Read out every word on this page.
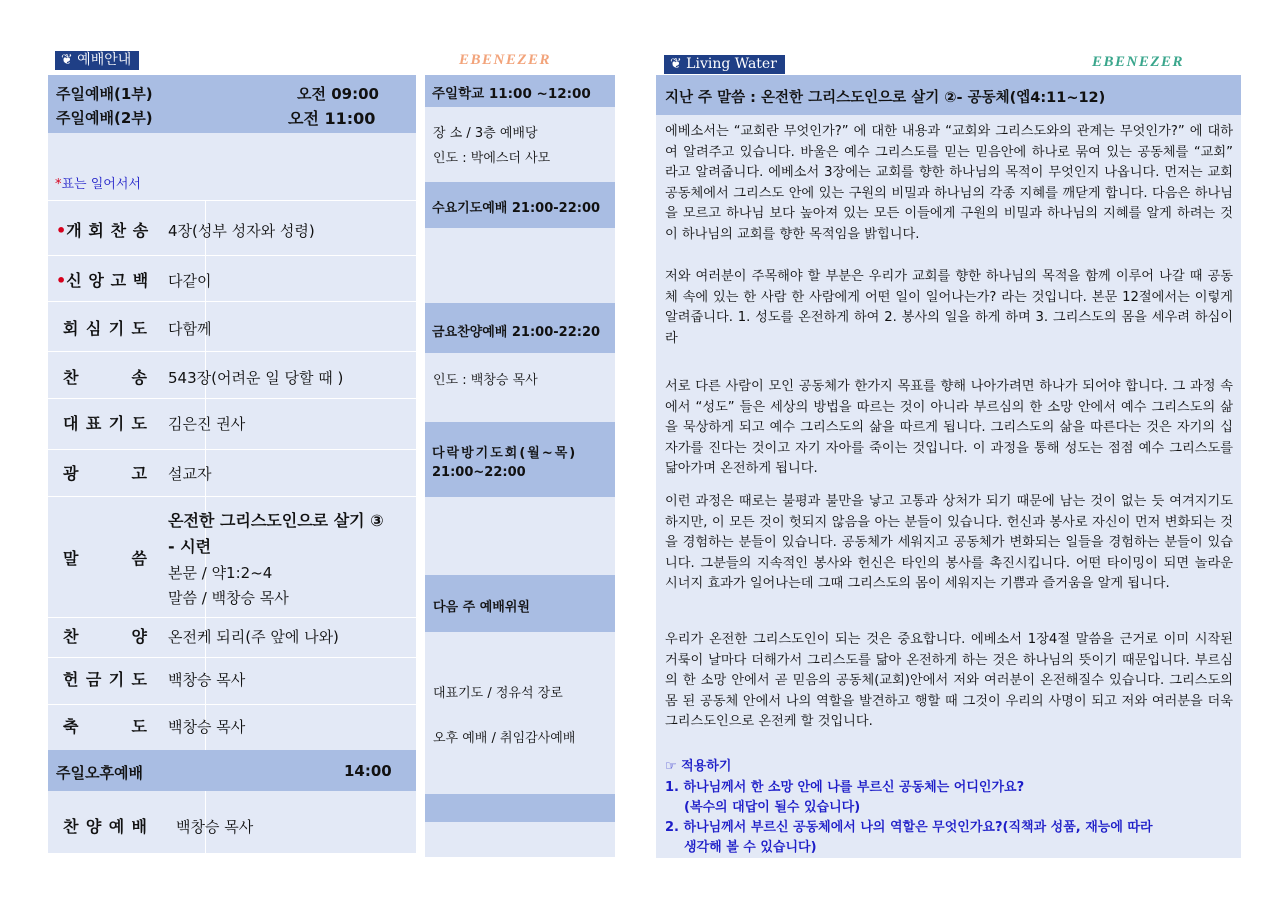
❦ 예배안내	EBENEZER	❦ Living Water	EBENEZER
주일예배(1부)	오전 09:00
주일예배(2부)	오전 11:00
*표는 일어서서
• 개 회 찬 송 4장(성부 성자와 성령)
• 신 앙 고 백 다같이
회 심 기 도 다함께
찬	송 543장(어려운 일 당할 때 )
대 표 기 도 김은진 권사
광	고 설교자
말	씀
온전한 그리스도인으로 살기 ③
- 시련
본문 / 약1:2~4
말씀 / 백창승 목사
찬	양 온전케 되리(주 앞에 나와)
헌 금 기 도 백창승 목사
축	도 백창승 목사
주일오후예배	14:00
찬 양 예 배 백창승 목사
주일학교 11:00 ~12:00
장 소 / 3층 예배당
인도 : 박에스더 사모
수요기도예배 21:00-22:00
금요찬양예배 21:00-22:20
인도 : 백창승 목사
다락방기도회(월~목)
21:00~22:00
다음 주 예배위원
대표기도 / 정유석 장로
오후 예배 / 취임감사예배
지난 주 말씀 : 온전한 그리스도인으로 살기 ②- 공동체(엡4:11~12)
에베소서는 “교회란 무엇인가?” 에 대한 내용과 “교회와 그리스도와의 관계는 무엇인가?” 에 대하여 알려주고 있습니다. 바울은 예수 그리스도를 믿는 믿음안에 하나로 묶여 있는 공동체를 “교회” 라고 알려줍니다. 에베소서 3장에는 교회를 향한 하나님의 목적이 무엇인지 나옵니다. 먼저는 교회 공동체에서 그리스도 안에 있는 구원의 비밀과 하나님의 각종 지혜를 깨닫게 합니다. 다음은 하나님을 모르고 하나님 보다 높아져 있는 모든 이들에게 구원의 비밀과 하나님의 지혜를 알게 하려는 것이 하나님의 교회를 향한 목적임을 밝힙니다.
저와 여러분이 주목해야 할 부분은 우리가 교회를 향한 하나님의 목적을 함께 이루어 나갈 때 공동체 속에 있는 한 사람 한 사람에게 어떤 일이 일어나는가? 라는 것입니다. 본문 12절에서는 이렇게 알려줍니다. 1. 성도를 온전하게 하여 2. 봉사의 일을 하게 하며 3. 그리스도의 몸을 세우려 하심이라
서로 다른 사람이 모인 공동체가 한가지 목표를 향해 나아가려면 하나가 되어야 합니다. 그 과정 속에서 “성도” 들은 세상의 방법을 따르는 것이 아니라 부르심의 한 소망 안에서 예수 그리스도의 삶을 묵상하게 되고 예수 그리스도의 삶을 따르게 됩니다. 그리스도의 삶을 따른다는 것은 자기의 십자가를 진다는 것이고 자기 자아를 죽이는 것입니다. 이 과정을 통해 성도는 점점 예수 그리스도를 닮아가며 온전하게 됩니다.
이런 과정은 때로는 불평과 불만을 낳고 고통과 상처가 되기 때문에 남는 것이 없는 듯 여겨지기도 하지만, 이 모든 것이 헛되지 않음을 아는 분들이 있습니다. 헌신과 봉사로 자신이 먼저 변화되는 것을 경험하는 분들이 있습니다. 공동체가 세워지고 공동체가 변화되는 일들을 경험하는 분들이 있습니다. 그분들의 지속적인 봉사와 헌신은 타인의 봉사를 촉진시킵니다. 어떤 타이밍이 되면 놀라운 시너지 효과가 일어나는데 그때 그리스도의 몸이 세워지는 기쁨과 즐거움을 알게 됩니다.
우리가 온전한 그리스도인이 되는 것은 중요합니다. 에베소서 1장4절 말씀을 근거로 이미 시작된 거룩이 날마다 더해가서 그리스도를 닮아 온전하게 하는 것은 하나님의 뜻이기 때문입니다. 부르심의 한 소망 안에서 곧 믿음의 공동체(교회)안에서 저와 여러분이 온전해질수 있습니다. 그리스도의 몸 된 공동체 안에서 나의 역할을 발견하고 행할 때 그것이 우리의 사명이 되고 저와 여러분을 더욱 그리스도인으로 온전케 할 것입니다.
☞ 적용하기
1. 하나님께서 한 소망 안에 나를 부르신 공동체는 어디인가요?
(복수의 대답이 될수 있습니다)
2. 하나님께서 부르신 공동체에서 나의 역할은 무엇인가요?(직책과 성품, 재능에 따라
생각해 볼 수 있습니다)
